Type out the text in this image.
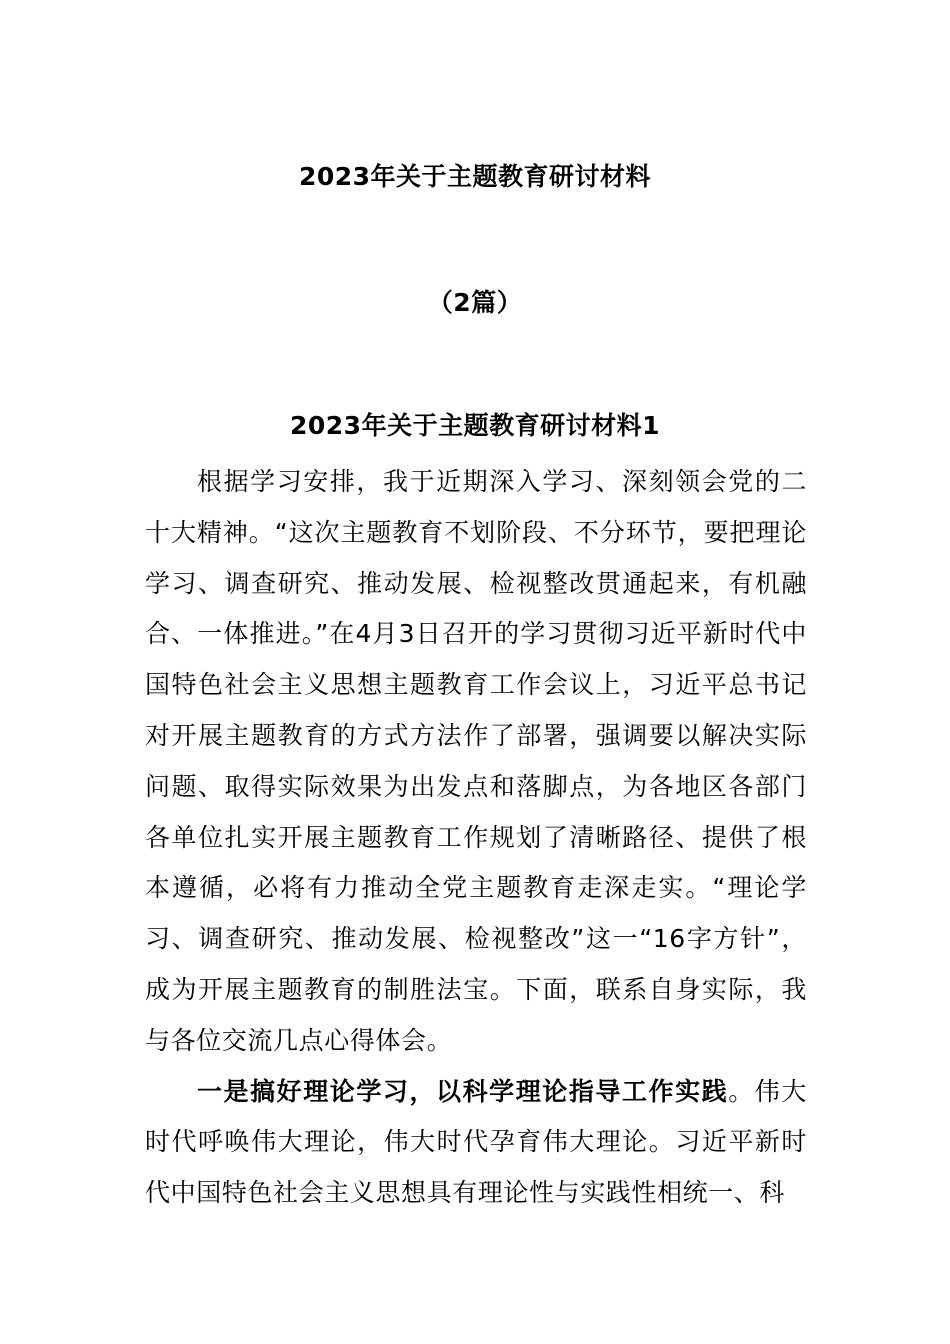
2023年关于主题教育研讨材料
（2篇）
2023年关于主题教育研讨材料1

根据学习安排，我于近期深入学习、深刻领会党的二十大精神。“这次主题教育不划阶段、不分环节，要把理论学习、调查研究、推动发展、检视整改贯通起来，有机融合、一体推进。”在4月3日召开的学习贯彻习近平新时代中国特色社会主义思想主题教育工作会议上，习近平总书记对开展主题教育的方式方法作了部署，强调要以解决实际问题、取得实际效果为出发点和落脚点，为各地区各部门各单位扎实开展主题教育工作规划了清晰路径、提供了根本遵循，必将有力推动全党主题教育走深走实。“理论学习、调查研究、推动发展、检视整改”这一“16字方针”，成为开展主题教育的制胜法宝。下面，联系自身实际，我与各位交流几点心得体会。

一是搞好理论学习，以科学理论指导工作实践。伟大时代呼唤伟大理论，伟大时代孕育伟大理论。习近平新时代中国特色社会主义思想具有理论性与实践性相统一、科
